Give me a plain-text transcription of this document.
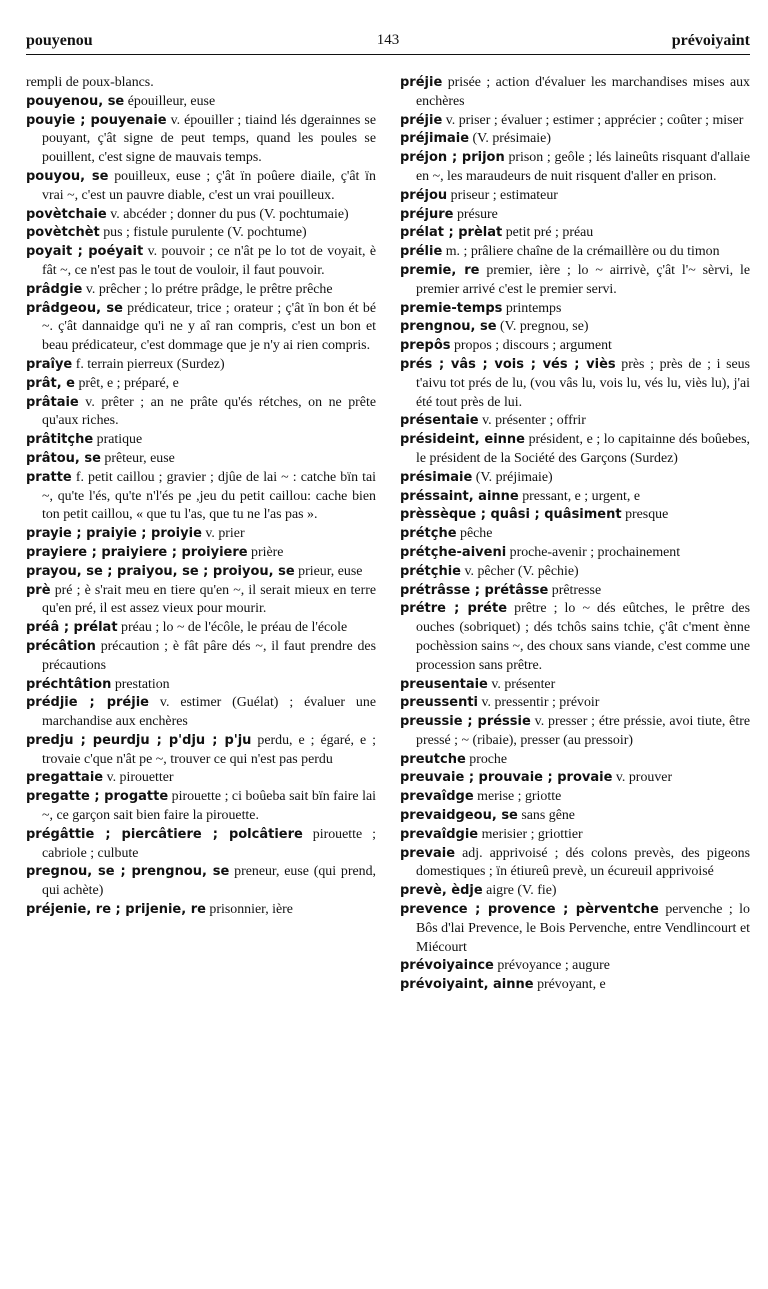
pouyenou	143	prévoiyaint

rempli de poux-blancs.

pouyenou, se épouilleur, euse

pouyie ; pouyenaie v. épouiller ; tiaind lés dgerainnes se pouyant, ç'ât signe de peut temps, quand les poules se pouillent, c'est signe de mauvais temps.

pouyou, se pouilleux, euse ; ç'ât ïn poûere diaile, ç'ât ïn vrai ~, c'est un pauvre diable, c'est un vrai pouilleux.

povètchaie v. abcéder ; donner du pus (V. pochtumaie)

povètchèt pus ; fistule purulente (V. pochtume)

poyait ; poéyait v. pouvoir ; ce n'ât pe lo tot de voyait, è fât ~, ce n'est pas le tout de vouloir, il faut pouvoir.

prâdgie v. prêcher ; lo prétre prâdge, le prêtre prêche

prâdgeou, se prédicateur, trice ; orateur ; ç'ât ïn bon ét bé ~. ç'ât dannaidge qu'i ne y aî ran compris, c'est un bon et beau prédicateur, c'est dommage que je n'y ai rien compris.

praîye f. terrain pierreux (Surdez)

prât, e prêt, e ; préparé, e

prâtaie v. prêter ; an ne prâte qu'és rétches, on ne prête qu'aux riches.

prâtitçhe pratique

prâtou, se prêteur, euse

pratte f. petit caillou ; gravier ; djûe de lai ~ : catche bïn tai ~, qu'te l'és, qu'te n'l'és pe ,jeu du petit caillou: cache bien ton petit caillou, « que tu l'as, que tu ne l'as pas ».

prayie ; praiyie ; proiyie v. prier

prayiere ; praiyiere ; proiyiere prière

prayou, se ; praiyou, se ; proiyou, se prieur, euse

prè pré ; è s'rait meu en tiere qu'en ~, il serait mieux en terre qu'en pré, il est assez vieux pour mourir.

préâ ; prélat préau ; lo ~ de l'écôle, le préau de l'école

précâtion précaution ; è fât pâre dés ~, il faut prendre des précautions

préchtâtion prestation

prédjie ; préjie v. estimer (Guélat) ; évaluer une marchandise aux enchères

predju ; peurdju ; p'dju ; p'ju perdu, e ; égaré, e ; trovaie c'que n'ât pe ~, trouver ce qui n'est pas perdu

pregattaie v. pirouetter

pregatte ; progatte pirouette ; ci boûeba sait bïn faire lai ~, ce garçon sait bien faire la pirouette.

prégâttie ; piercâtiere ; polcâtiere pirouette ; cabriole ; culbute

pregnou, se ; prengnou, se preneur, euse (qui prend, qui achète)

préjenie, re ; prijenie, re prisonnier, ière

préjie prisée ; action d'évaluer les marchandises mises aux enchères

préjie v. priser ; évaluer ; estimer ; apprécier ; coûter ; miser

préjimaie (V. présimaie)

préjon ; prijon prison ; geôle ; lés laineûts risquant d'allaie en ~, les maraudeurs de nuit risquent d'aller en prison.

préjou priseur ; estimateur

préjure présure

prélat ; prèlat petit pré ; préau

prélie m. ; prâliere chaîne de la crémaillère ou du timon

premie, re premier, ière ; lo ~ airrivè, ç'ât l'~ sèrvi, le premier arrivé c'est le premier servi.

premie-temps printemps

prengnou, se (V. pregnou, se)

prepôs propos ; discours ; argument

prés ; vâs ; vois ; vés ; viès près ; près de ; i seus t'aivu tot prés de lu, (vou vâs lu, vois lu, vés lu, viès lu), j'ai été tout près de lui.

présentaie v. présenter ; offrir

présideint, einne président, e ; lo capitainne dés boûebes, le président de la Société des Garçons (Surdez)

présimaie (V. préjimaie)

préssaint, ainne pressant, e ; urgent, e

prèssèque ; quâsi ; quâsiment presque

prétçhe pêche

prétçhe-aiveni proche-avenir ; prochainement

prétçhie v. pêcher (V. pêchie)

prétrâsse ; prétâsse prêtresse

prétre ; préte prêtre ; lo ~ dés eûtches, le prêtre des ouches (sobriquet) ; dés tchôs sains tchie, ç'ât c'ment ènne pochèssion sains ~, des choux sans viande, c'est comme une procession sans prêtre.

preusentaie v. présenter

preussenti v. pressentir ; prévoir

preussie ; préssie v. presser ; étre préssie, avoi tiute, être pressé ; ~ (ribaie), presser (au pressoir)

preutche proche

preuvaie ; prouvaie ; provaie v. prouver

prevaîdge merise ; griotte

prevaidgeou, se sans gêne

prevaîdgie merisier ; griottier

prevaie adj. apprivoisé ; dés colons prevès, des pigeons domestiques ; ïn étiureû prevè, un écureuil apprivoisé

prevè, èdje aigre (V. fie)

prevence ; provence ; pèrventche pervenche ; lo Bôs d'lai Prevence, le Bois Pervenche, entre Vendlincourt et Miécourt

prévoiyaince prévoyance ; augure

prévoiyaint, ainne prévoyant, e
